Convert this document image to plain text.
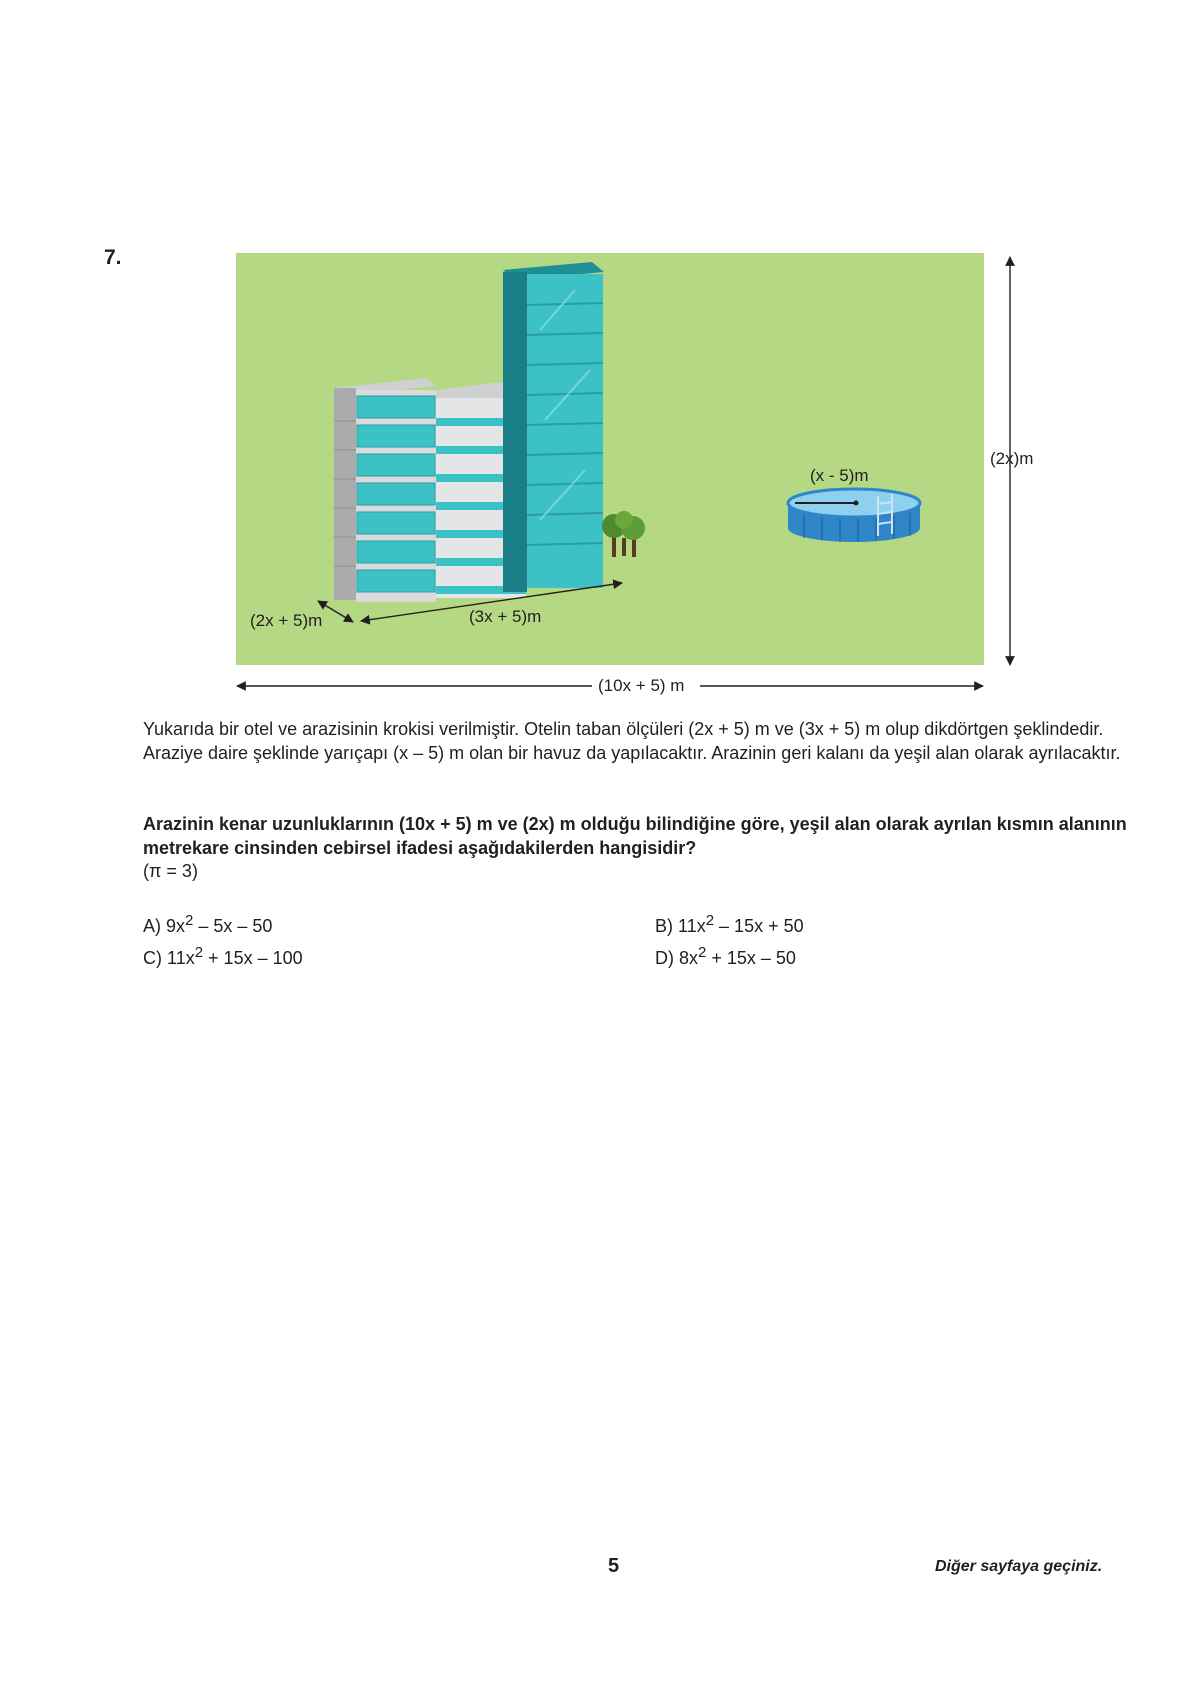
7.
(2x + 5)m	(3x + 5)m
(x - 5)m
(2x)m
(10x + 5) m
Yukarıda bir otel ve arazisinin krokisi verilmiştir. Otelin taban ölçüleri (2x + 5) m ve (3x + 5) m olup dikdörtgen şeklindedir. Araziye daire şeklinde yarıçapı (x – 5) m olan bir havuz da yapılacaktır. Arazinin geri kalanı da yeşil alan olarak ayrılacaktır.
Arazinin kenar uzunluklarının (10x + 5) m ve (2x) m olduğu bilindiğine göre, yeşil alan olarak ayrılan kısmın alanının metrekare cinsinden cebirsel ifadesi aşağıdakilerden hangisidir?
(π = 3)
A) $9x^2 - 5x - 50$	B) $11x^2 - 15x + 50$
C) $11x^2 + 15x - 100$	D) $8x^2 + 15x - 50$
5	Diğer sayfaya geçiniz.
